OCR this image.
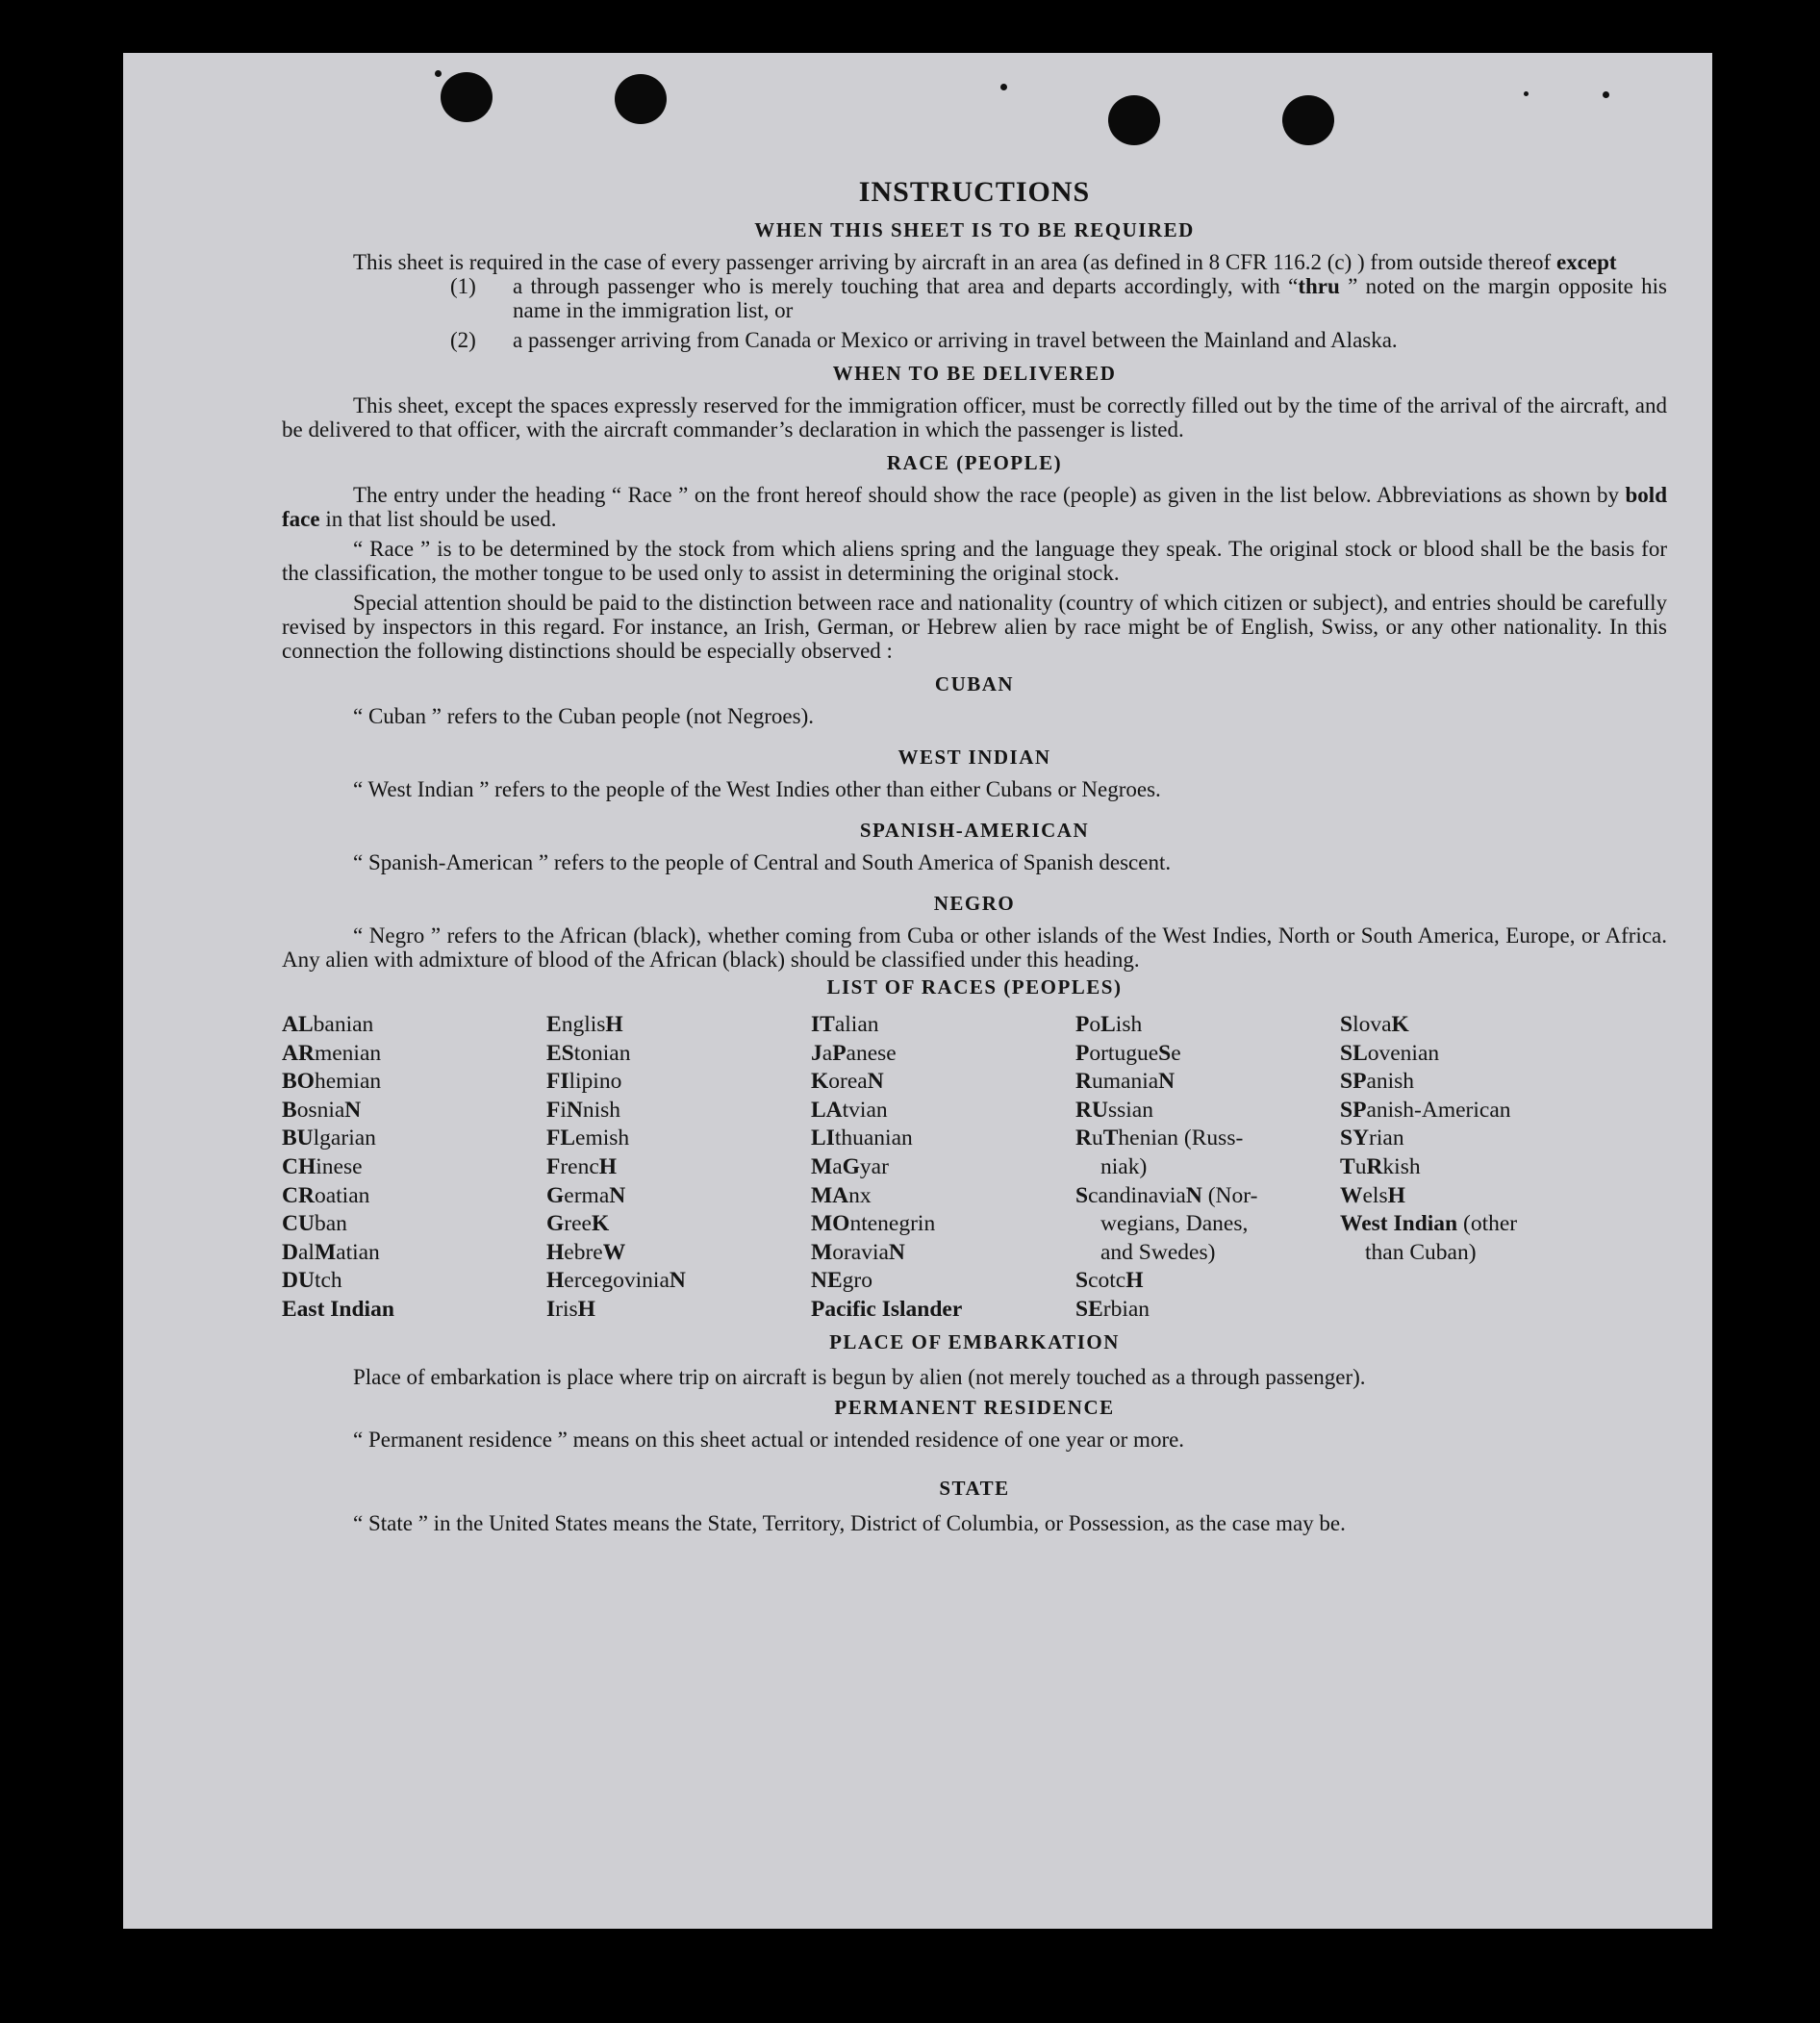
INSTRUCTIONS
WHEN THIS SHEET IS TO BE REQUIRED

This sheet is required in the case of every passenger arriving by aircraft in an area (as defined in 8 CFR 116.2 (c) ) from outside thereof except

(1) a through passenger who is merely touching that area and departs accordingly, with “thru ” noted on the margin opposite his name in the immigration list, or
(2) a passenger arriving from Canada or Mexico or arriving in travel between the Mainland and Alaska.
WHEN TO BE DELIVERED

This sheet, except the spaces expressly reserved for the immigration officer, must be correctly filled out by the time of the arrival of the aircraft, and be delivered to that officer, with the aircraft commander’s declaration in which the passenger is listed.

RACE (PEOPLE)

The entry under the heading “ Race ” on the front hereof should show the race (people) as given in the list below. Abbreviations as shown by bold face in that list should be used.

“ Race ” is to be determined by the stock from which aliens spring and the language they speak. The original stock or blood shall be the basis for the classification, the mother tongue to be used only to assist in determining the original stock.

Special attention should be paid to the distinction between race and nationality (country of which citizen or subject), and entries should be carefully revised by inspectors in this regard. For instance, an Irish, German, or Hebrew alien by race might be of English, Swiss, or any other nationality. In this connection the following distinctions should be especially observed :

CUBAN

“ Cuban ” refers to the Cuban people (not Negroes).

WEST INDIAN

“ West Indian ” refers to the people of the West Indies other than either Cubans or Negroes.

SPANISH-AMERICAN

“ Spanish-American ” refers to the people of Central and South America of Spanish descent.

NEGRO

“ Negro ” refers to the African (black), whether coming from Cuba or other islands of the West Indies, North or South America, Europe, or Africa. Any alien with admixture of blood of the African (black) should be classified under this heading.

LIST OF RACES (PEOPLES)
ALbanian
ARmenian
BOhemian
BosniaN
BUlgarian
CHinese
CRoatian
CUban
DalMatian
DUtch
East Indian
EnglisH
EStonian
FIlipino
FiNnish
FLemish
FrencH
GermaN
GreeK
HebreW
HercegoviniaN
IrisH
ITalian
JaPanese
KoreaN
LAtvian
LIthuanian
MaGyar
MAnx
MOntenegrin
MoraviaN
NEgro
Pacific Islander
PoLish
PortugueSe
RumaniaN
RUssian
RuThenian (Russ-
niak)
ScandinaviaN (Nor-
wegians, Danes,
and Swedes)
ScotcH
SErbian
SlovaK
SLovenian
SPanish
SPanish-American
SYrian
TuRkish
WelsH
West Indian (other
than Cuban)
PLACE OF EMBARKATION

Place of embarkation is place where trip on aircraft is begun by alien (not merely touched as a through passenger).

PERMANENT RESIDENCE

“ Permanent residence ” means on this sheet actual or intended residence of one year or more.

STATE

“ State ” in the United States means the State, Territory, District of Columbia, or Possession, as the case may be.
